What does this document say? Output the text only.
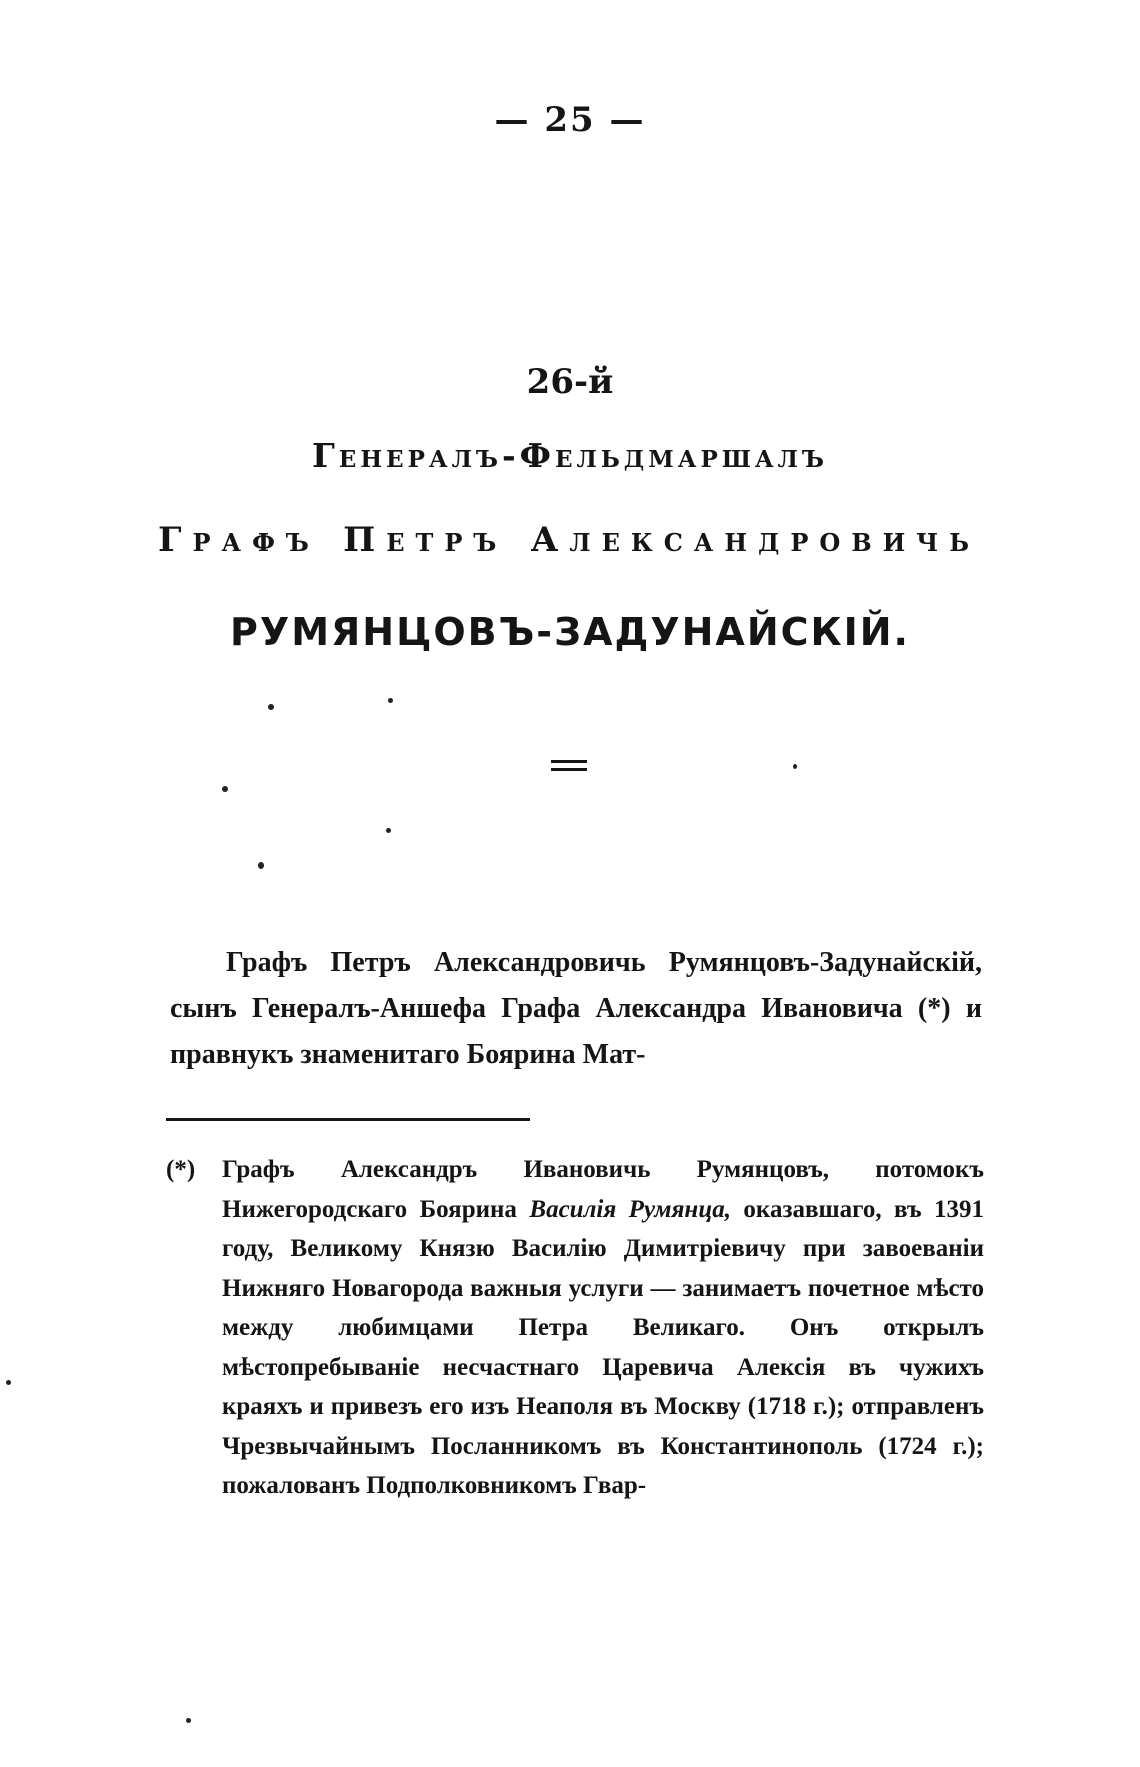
— 25 —
26-й
Генералъ-Фельдмаршалъ
Графъ Петръ Александровичь
РУМЯНЦОВЪ-ЗАДУНАЙСКІЙ.

Графъ Петръ Александровичь Румянцовъ-Задунайскій, сынъ Генералъ-Аншефа Графа Александра Ивановича (*) и правнукъ знаменитаго Боярина Мат-

(*)	Графъ Александръ Ивановичь Румянцовъ, потомокъ Нижегородскаго Боярина Василія Румянца, оказавшаго, въ 1391 году, Великому Князю Василію Димитріевичу при завоеваніи Нижняго Новагорода важныя услуги — занимаетъ почетное мѣсто между любимцами Петра Великаго. Онъ открылъ мѣстопребываніе несчастнаго Царевича Алексія въ чужихъ краяхъ и привезъ его изъ Неаполя въ Москву (1718 г.); отправленъ Чрезвычайнымъ Посланникомъ въ Константинополь (1724 г.); пожалованъ Подполковникомъ Гвар-
